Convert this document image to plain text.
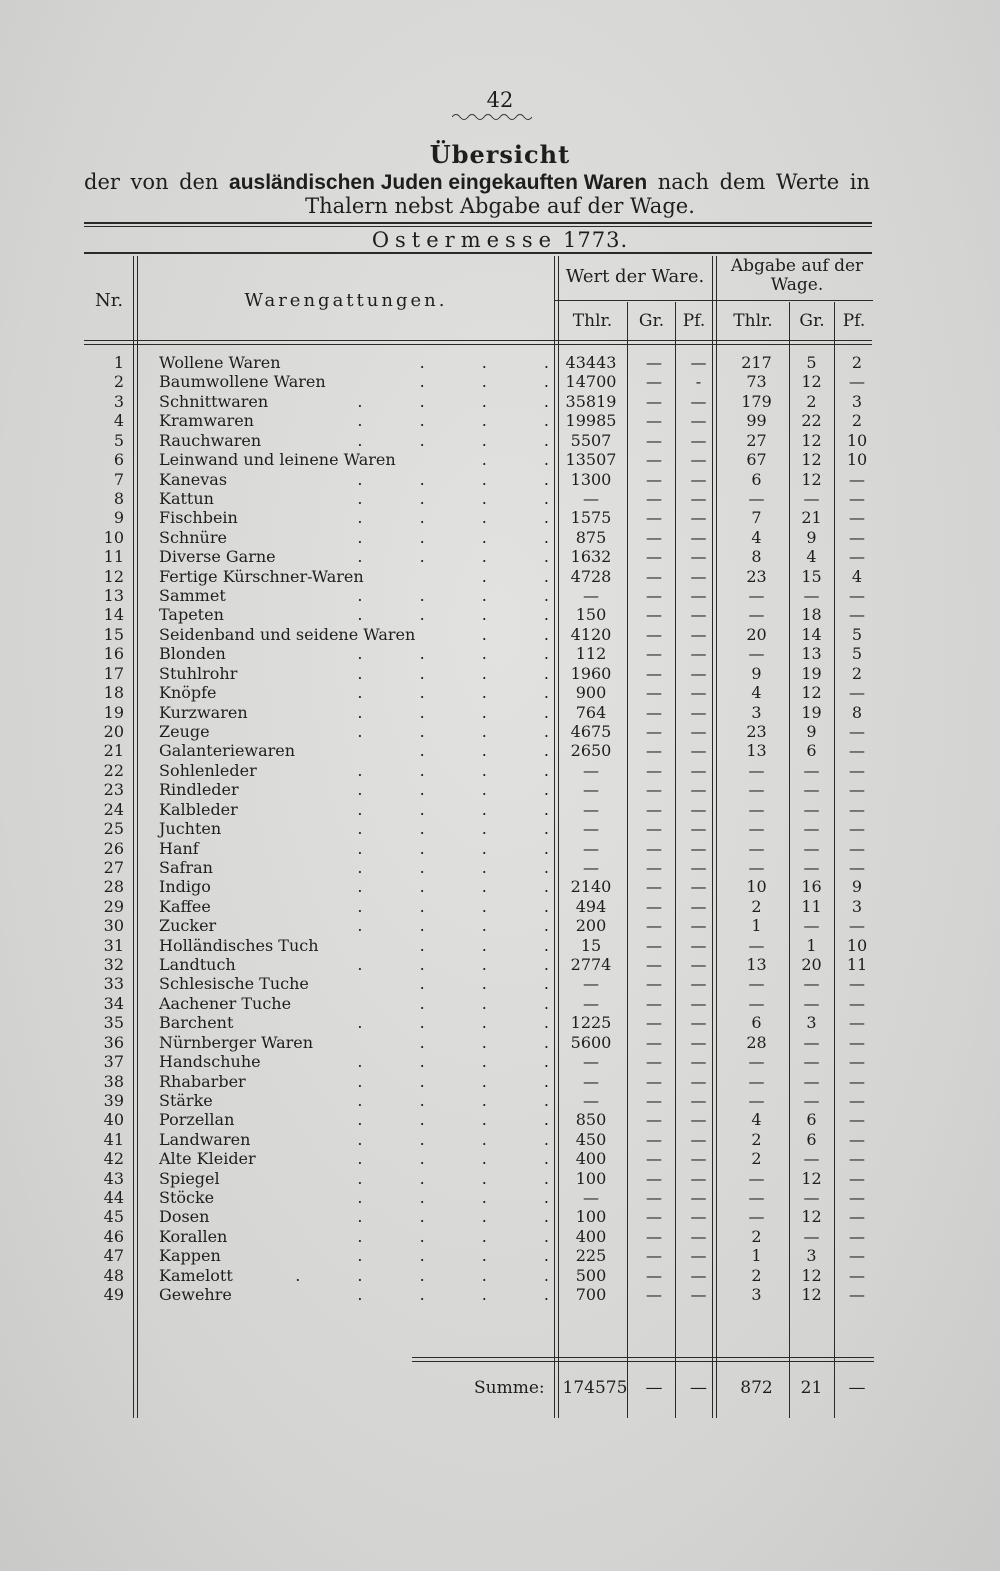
42
Übersicht
der von den ausländischen Juden eingekauften Waren nach dem Werte in
Thalern nebst Abgabe auf der Wage.
Ostermesse 1773.
Nr.	Warengattungen.
Wert der Ware.	Abgabe auf der Wage.
Thlr.	Gr.	Pf.	Thlr.	Gr.	Pf.
1 Wollene Waren	. . .	43443	—	—	217	5	2
2 Baumwollene Waren	. . .	14700	—	-	73	12	—
3 Schnittwaren	. . . .	35819	—	—	179	2	3
4 Kramwaren	. . . .	19985	—	—	99	22	2
5 Rauchwaren	. . . .	5507	—	—	27	12	10
6 Leinwand und leinene Waren	. .	13507	—	—	67	12	10
7 Kanevas	. . . .	1300	—	—	6	12	—
8 Kattun	. . . .	—	—	—	—	—	—
9 Fischbein	. . . .	1575	—	—	7	21	—
10 Schnüre	. . . .	875	—	—	4	9	—
11 Diverse Garne	. . . .	1632	—	—	8	4	—
12 Fertige Kürschner-Waren	. .	4728	—	—	23	15	4
13 Sammet	. . . .	—	—	—	—	—	—
14 Tapeten	. . . .	150	—	—	—	18	—
15 Seidenband und seidene Waren	. .	4120	—	—	20	14	5
16 Blonden	. . . .	112	—	—	—	13	5
17 Stuhlrohr	. . . .	1960	—	—	9	19	2
18 Knöpfe	. . . .	900	—	—	4	12	—
19 Kurzwaren	. . . .	764	—	—	3	19	8
20 Zeuge	. . . .	4675	—	—	23	9	—
21 Galanteriewaren	. . .	2650	—	—	13	6	—
22 Sohlenleder	. . . .	—	—	—	—	—	—
23 Rindleder	. . . .	—	—	—	—	—	—
24 Kalbleder	. . . .	—	—	—	—	—	—
25 Juchten	. . . .	—	—	—	—	—	—
26 Hanf	. . . .	—	—	—	—	—	—
27 Safran	. . . .	—	—	—	—	—	—
28 Indigo	. . . .	2140	—	—	10	16	9
29 Kaffee	. . . .	494	—	—	2	11	3
30 Zucker	. . . .	200	—	—	1	—	—
31 Holländisches Tuch	. . .	15	—	—	—	1	10
32 Landtuch	. . . .	2774	—	—	13	20	11
33 Schlesische Tuche	. . .	—	—	—	—	—	—
34 Aachener Tuche	. . .	—	—	—	—	—	—
35 Barchent	. . . .	1225	—	—	6	3	—
36 Nürnberger Waren	. . .	5600	—	—	28	—	—
37 Handschuhe	. . . .	—	—	—	—	—	—
38 Rhabarber	. . . .	—	—	—	—	—	—
39 Stärke	. . . .	—	—	—	—	—	—
40 Porzellan	. . . .	850	—	—	4	6	—
41 Landwaren	. . . .	450	—	—	2	6	—
42 Alte Kleider	. . . .	400	—	—	2	—	—
43 Spiegel	. . . .	100	—	—	—	12	—
44 Stöcke	. . . .	—	—	—	—	—	—
45 Dosen	. . . .	100	—	—	—	12	—
46 Korallen	. . . .	400	—	—	2	—	—
47 Kappen	. . . .	225	—	—	1	3	—
48 Kamelott	. . . . .	500	—	—	2	12	—
49 Gewehre	. . . .	700	—	—	3	12	—
Summe: 174575	—	—	872	21	—
